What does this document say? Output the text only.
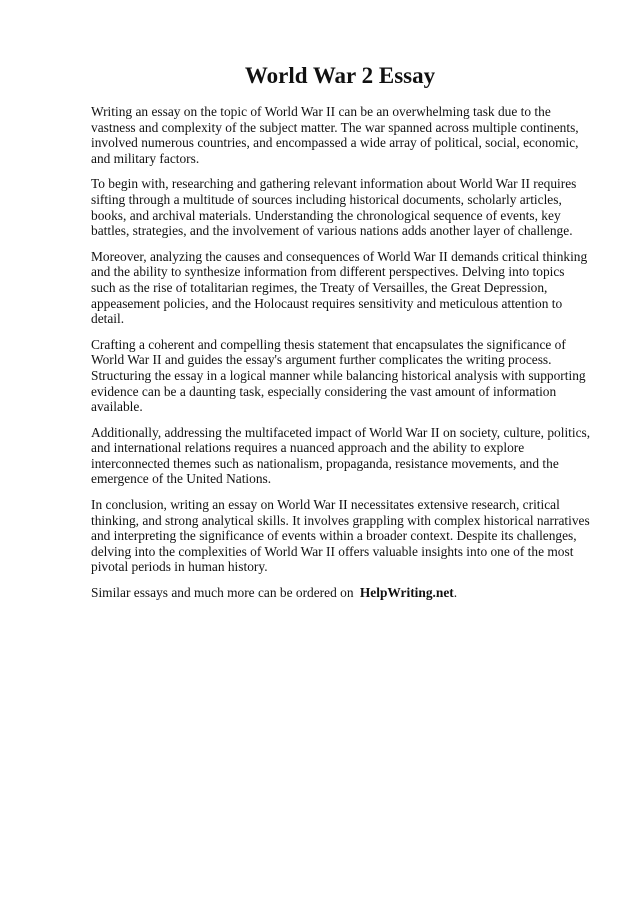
World War 2 Essay

Writing an essay on the topic of World War II can be an overwhelming task due to the vastness and complexity of the subject matter. The war spanned across multiple continents, involved numerous countries, and encompassed a wide array of political, social, economic, and military factors.

To begin with, researching and gathering relevant information about World War II requires sifting through a multitude of sources including historical documents, scholarly articles, books, and archival materials. Understanding the chronological sequence of events, key battles, strategies, and the involvement of various nations adds another layer of challenge.

Moreover, analyzing the causes and consequences of World War II demands critical thinking and the ability to synthesize information from different perspectives. Delving into topics such as the rise of totalitarian regimes, the Treaty of Versailles, the Great Depression, appeasement policies, and the Holocaust requires sensitivity and meticulous attention to detail.

Crafting a coherent and compelling thesis statement that encapsulates the significance of World War II and guides the essay's argument further complicates the writing process. Structuring the essay in a logical manner while balancing historical analysis with supporting evidence can be a daunting task, especially considering the vast amount of information available.

Additionally, addressing the multifaceted impact of World War II on society, culture, politics, and international relations requires a nuanced approach and the ability to explore interconnected themes such as nationalism, propaganda, resistance movements, and the emergence of the United Nations.

In conclusion, writing an essay on World War II necessitates extensive research, critical thinking, and strong analytical skills. It involves grappling with complex historical narratives and interpreting the significance of events within a broader context. Despite its challenges, delving into the complexities of World War II offers valuable insights into one of the most pivotal periods in human history.

Similar essays and much more can be ordered on HelpWriting.net.
